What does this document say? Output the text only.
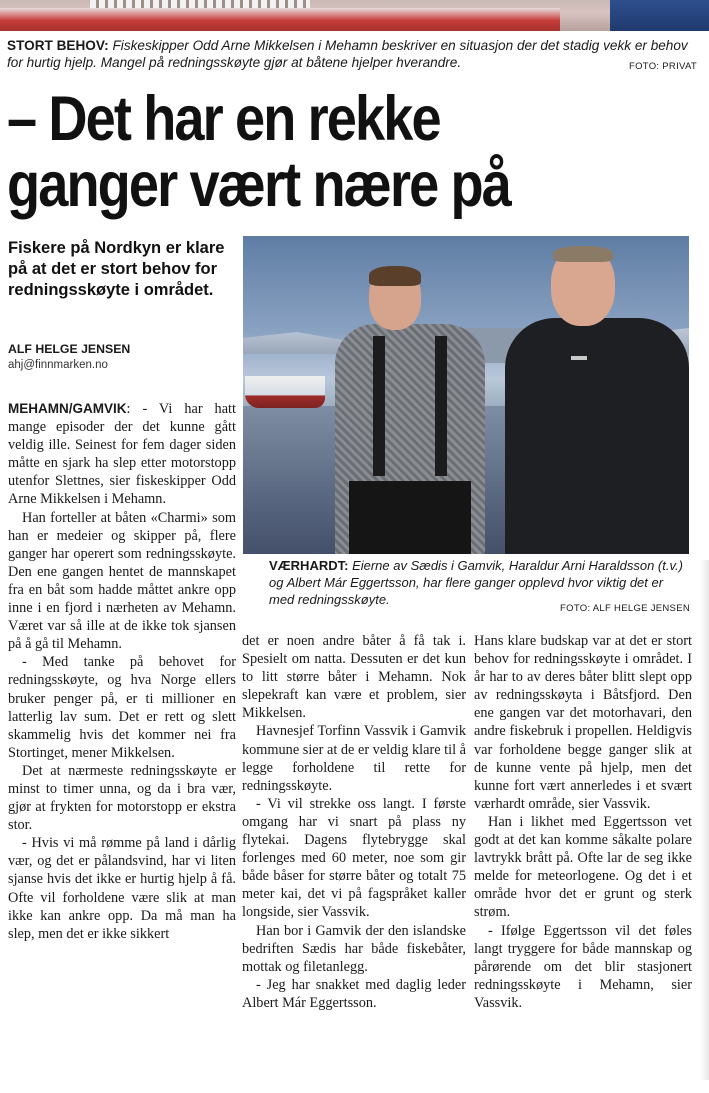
STORT BEHOV: Fiskeskipper Odd Arne Mikkelsen i Mehamn beskriver en situasjon der det stadig vekk er behov for hurtig hjelp. Mangel på redningsskøyte gjør at båtene hjelper hverandre.	FOTO: PRIVAT
– Det har en rekke
ganger vært nære på
Fiskere på Nordkyn er klare på at det er stort behov for redningsskøyte i området.
ALF HELGE JENSEN
ahj@finnmarken.no
VÆRHARDT: Eierne av Sædis i Gamvik, Haraldur Arni Haraldsson (t.v.) og Albert Már Eggertsson, har flere ganger opplevd hvor viktig det er med redningsskøyte.
FOTO: ALF HELGE JENSEN

MEHAMN/GAMVIK: - Vi har hatt mange episoder der det kunne gått veldig ille. Seinest for fem dager siden måtte en sjark ha slep etter motorstopp utenfor Slettnes, sier fiskeskipper Odd Arne Mikkelsen i Mehamn.

Han forteller at båten «Charmi» som han er medeier og skipper på, flere ganger har operert som redningsskøyte. Den ene gangen hentet de mannskapet fra en båt som hadde måttet ankre opp inne i en fjord i nærheten av Mehamn. Været var så ille at de ikke tok sjansen på å gå til Mehamn.

- Med tanke på behovet for redningsskøyte, og hva Norge ellers bruker penger på, er ti millioner en latterlig lav sum. Det er rett og slett skammelig hvis det kommer nei fra Stortinget, mener Mikkelsen.

Det at nærmeste redningsskøyte er minst to timer unna, og da i bra vær, gjør at frykten for motorstopp er ekstra stor.

- Hvis vi må rømme på land i dårlig vær, og det er pålandsvind, har vi liten sjanse hvis det ikke er hurtig hjelp å få. Ofte vil forholdene være slik at man ikke kan ankre opp. Da må man ha slep, men det er ikke sikkert

det er noen andre båter å få tak i. Spesielt om natta. Dessuten er det kun to litt større båter i Mehamn. Nok slepekraft kan være et problem, sier Mikkelsen.

Havnesjef Torfinn Vassvik i Gamvik kommune sier at de er veldig klare til å legge forholdene til rette for redningsskøyte.

- Vi vil strekke oss langt. I første omgang har vi snart på plass ny flytekai. Dagens flytebrygge skal forlenges med 60 meter, noe som gir både båser for større båter og totalt 75 meter kai, det vi på fagspråket kaller longside, sier Vassvik.

Han bor i Gamvik der den islandske bedriften Sædis har både fiskebåter, mottak og filetanlegg.

- Jeg har snakket med daglig leder Albert Már Eggertsson.

Hans klare budskap var at det er stort behov for redningsskøyte i området. I år har to av deres båter blitt slept opp av redningsskøyta i Båtsfjord. Den ene gangen var det motorhavari, den andre fiskebruk i propellen. Heldigvis var forholdene begge ganger slik at de kunne vente på hjelp, men det kunne fort vært annerledes i et svært værhardt område, sier Vassvik.

Han i likhet med Eggertsson vet godt at det kan komme såkalte polare lavtrykk brått på. Ofte lar de seg ikke melde for meteorlogene. Og det i et område hvor det er grunt og sterk strøm.

- Ifølge Eggertsson vil det føles langt tryggere for både mannskap og pårørende om det blir stasjonert redningsskøyte i Mehamn, sier Vassvik.
